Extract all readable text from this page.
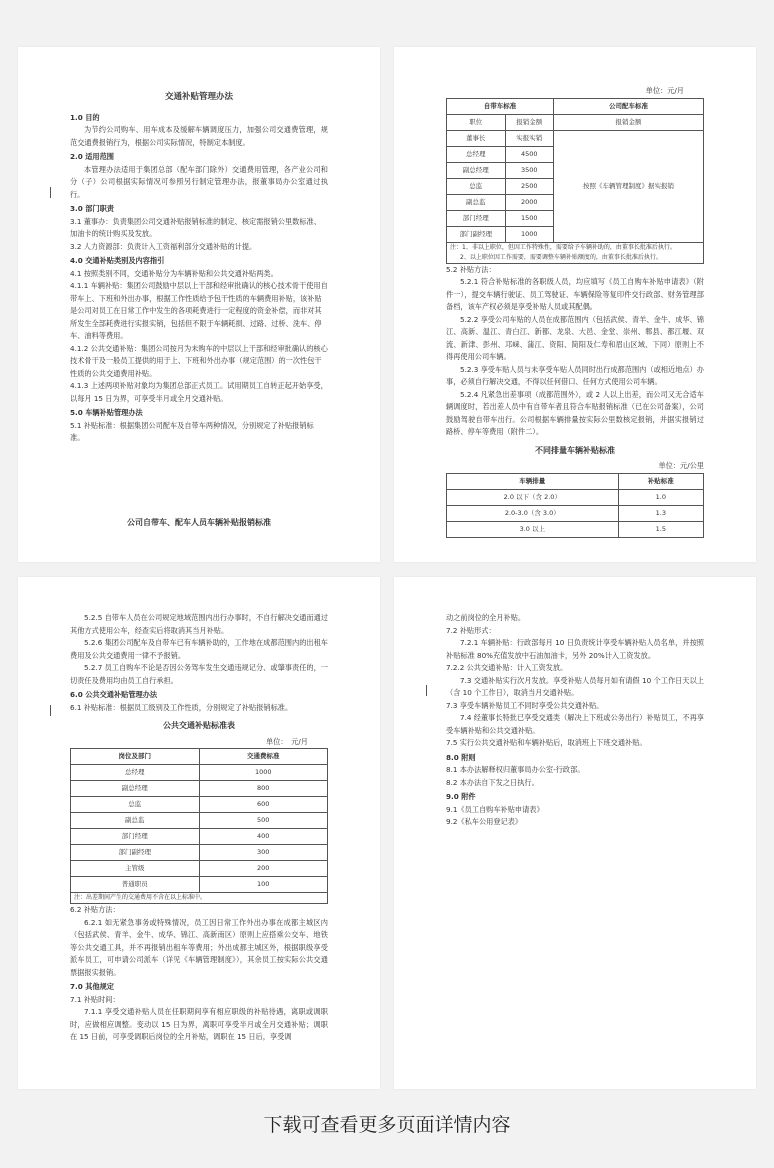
交通补贴管理办法
1.0 目的
为节约公司购车、用车成本及缓解车辆调度压力，加强公司交通费管理，规范交通费报销行为，根据公司实际情况，特制定本制度。
2.0 适用范围
本管理办法适用于集团总部（配车部门除外）交通费用管理，各产业公司和分（子）公司根据实际情况可参照另行制定管理办法，报董事局办公室通过执行。
3.0 部门职责
3.1 董事办：负责集团公司交通补贴报销标准的制定、核定需报销公里数标准、加油卡的统计购买及发放。
3.2 人力资源部：负责计入工资福利部分交通补贴的计提。
4.0 交通补贴类别及内容指引
4.1 按照类别不同，交通补贴分为车辆补贴和公共交通补贴两类。
4.1.1 车辆补贴：集团公司鼓励中层以上干部和经审批确认的核心技术骨干使用自带车上、下班和外出办事，根据工作性质给予包干性质的车辆费用补贴，该补贴是公司对员工在日常工作中发生的各项耗费进行一定程度的资金补偿，而非对其所发生全部耗费进行实报实销，包括但不限于车辆耗损、过路、过桥、洗车、停车、油料等费用。
4.1.2 公共交通补贴：集团公司按月为未购车的中层以上干部和经审批确认的核心技术骨干及一般员工提供的用于上、下班和外出办事（规定范围）的一次性包干性质的公共交通费用补贴。
4.1.3 上述两项补贴对象均为集团总部正式员工。试用期员工自转正起开始享受，以每月 15 日为界，可享受半月或全月交通补贴。
5.0 车辆补贴管理办法
5.1 补贴标准：根据集团公司配车及自带车两种情况，分别规定了补贴报销标准。
公司自带车、配车人员车辆补贴报销标准
单位：元/月
自带车标准		公司配车标准
职位	报销金额	报销金额
董事长	实报实销	按照《车辆管理制度》据实报销
总经理	4500	
副总经理	3500	
总监	2500	
副总监	2000	
部门经理	1500	
部门副经理	1000	
注：1、非以上职位，但因工作特殊性，需要给予车辆补助的，由董事长批准后执行。
2、以上职位因工作需要，需要调整车辆补贴额度的，由董事长批准后执行。
5.2 补贴方法：
5.2.1 符合补贴标准的各职级人员，均应填写《员工自购车补贴申请表》（附件一），提交车辆行驶证、员工驾驶证、车辆保险等复印件交行政部、财务管理部备档，该车产权必须是享受补贴人员或其配偶。
5.2.2 享受公司车贴的人员在成都范围内（包括武侯、青羊、金牛、成华、锦江、高新、温江、青白江、新都、龙泉、大邑、金堂、崇州、郫县、都江堰、双流、新津、彭州、邛崃、蒲江、资阳、简阳及仁寿和眉山区域、下同）原则上不得再使用公司车辆。
5.2.3 享受车贴人员与未享受车贴人员同时出行成都范围内（或相近地点）办事，必须自行解决交通，不得以任何借口、任何方式使用公司车辆。
5.2.4 凡紧急出差事项（成都范围外），或 2 人以上出差，而公司又无合适车辆调度时，若出差人员中有自带车者且符合车贴报销标准（已在公司备案），公司鼓励驾驶自带车出行。公司根据车辆排量按实际公里数核定报销，并据实报销过路桥、停车等费用（附件二）。
不同排量车辆补贴标准
单位：元/公里
车辆排量	补贴标准
2.0 以下（含 2.0）	1.0
2.0-3.0（含 3.0）	1.3
3.0 以上	1.5
5.2.5 自带车人员在公司规定地域范围内出行办事时，不自行解决交通而通过其他方式使用公车，经查实后将取消其当月补贴。
5.2.6 集团公司配车及自带车已有车辆补助的，工作地在成都范围内的出租车费用及公共交通费用一律不予报销。
5.2.7 员工自购车不论是否因公务驾车发生交通违规记分、或肇事责任的，一切责任及费用均由员工自行承担。
6.0 公共交通补贴管理办法
6.1 补贴标准：根据员工级别及工作性质，分别规定了补贴报销标准。
公共交通补贴标准表
单位：　元/月
岗位及部门	交通费标准
总经理	1000
副总经理	800
总监	600
副总监	500
部门经理	400
部门副经理	300
主管级	200
普通职员	100
注：出差期间产生的交通费用不含在以上标准中。
6.2 补贴方法：
6.2.1 如无紧急事务或特殊情况，员工因日常工作外出办事在成都主城区内（包括武侯、青羊、金牛、成华、锦江、高新南区）原则上应搭乘公交车、地铁等公共交通工具，并不再报销出租车等费用；外出成都主城区外，根据职级享受派车员工，可申请公司派车（详见《车辆管理制度》），其余员工按实际公共交通票据报实报销。
7.0 其他规定
7.1 补贴时间：
7.1.1 享受交通补贴人员在任职期间享有相应职级的补贴待遇，离职或调职时，应做相应调整。变动以 15 日为界，离职可享受半月或全月交通补贴；调职在 15 日前，可享受调职后岗位的全月补贴，调职在 15 日后，享受调
动之前岗位的全月补贴。
7.2 补贴形式：
7.2.1 车辆补贴：行政部每月 10 日负责统计享受车辆补贴人员名单，并按照补贴标准 80%充值发放中石油加油卡，另外 20%计入工资发放。
7.2.2 公共交通补贴：计入工资发放。
7.3 交通补贴实行次月发放。享受补贴人员每月如有请假 10 个工作日天以上（含 10 个工作日），取消当月交通补贴。
7.3 享受车辆补贴员工不同时享受公共交通补贴。
7.4 经董事长特批已享受交通类（解决上下班或公务出行）补贴员工，不再享受车辆补贴和公共交通补贴。
7.5 实行公共交通补贴和车辆补贴后，取消班上下班交通补贴。
8.0 附则
8.1 本办法解释权归董事局办公室-行政部。
8.2 本办法自下发之日执行。
9.0 附件
9.1《员工自购车补贴申请表》
9.2《私车公用登记表》
下载可查看更多页面详情内容
